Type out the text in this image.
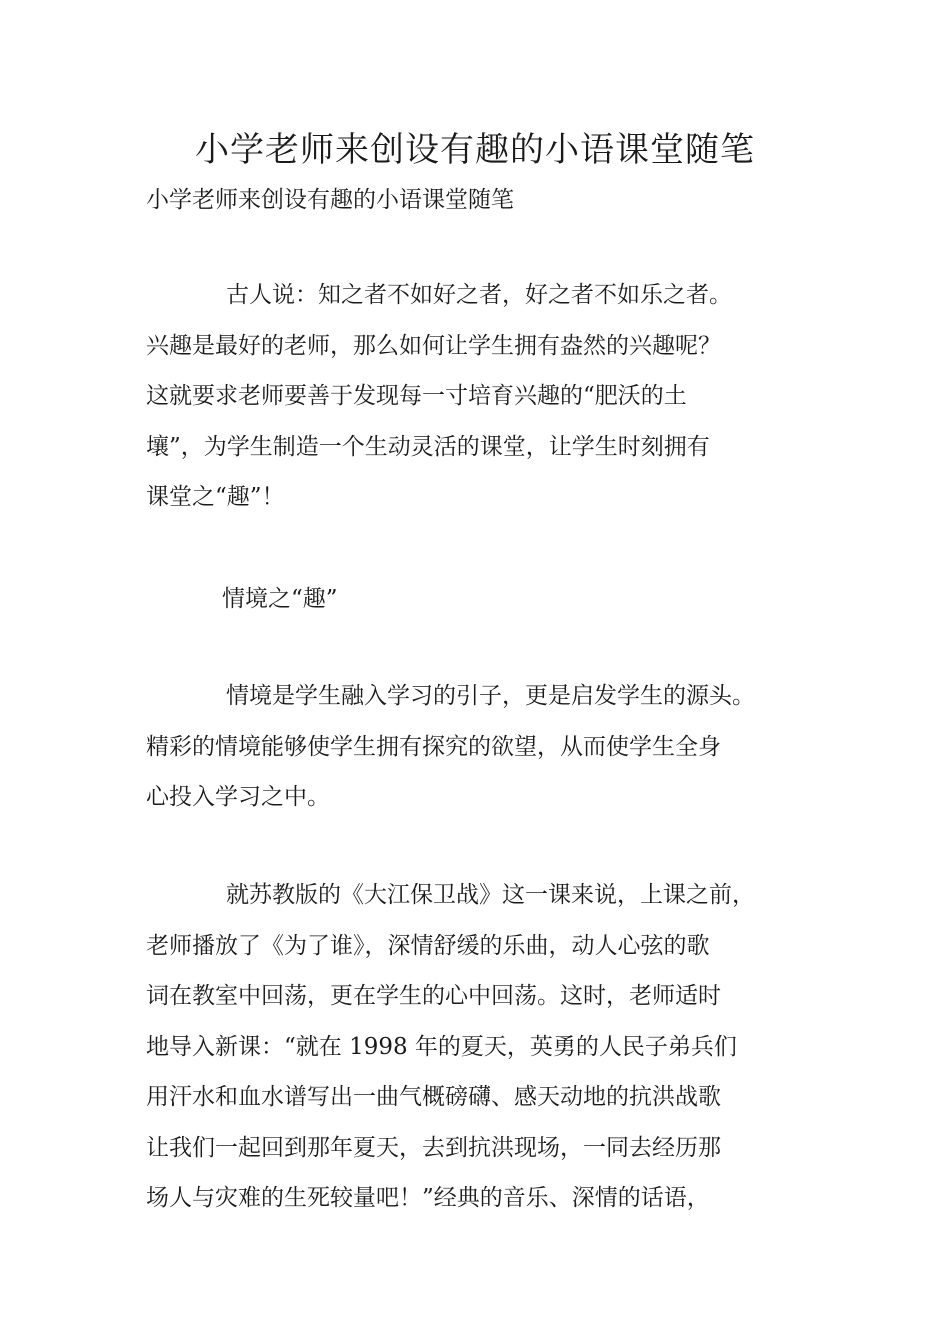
小学老师来创设有趣的小语课堂随笔

小学老师来创设有趣的小语课堂随笔

古人说：知之者不如好之者，好之者不如乐之者。
兴趣是最好的老师，那么如何让学生拥有盎然的兴趣呢？
这就要求老师要善于发现每一寸培育兴趣的“肥沃的土
壤”，为学生制造一个生动灵活的课堂，让学生时刻拥有
课堂之“趣”！
情境之“趣”
情境是学生融入学习的引子，更是启发学生的源头。
精彩的情境能够使学生拥有探究的欲望，从而使学生全身
心投入学习之中。
就苏教版的《大江保卫战》这一课来说，上课之前，
老师播放了《为了谁》，深情舒缓的乐曲，动人心弦的歌
词在教室中回荡，更在学生的心中回荡。这时，老师适时
地导入新课：“就在 1998 年的夏天，英勇的人民子弟兵们
用汗水和血水谱写出一曲气概磅礴、感天动地的抗洪战歌
让我们一起回到那年夏天，去到抗洪现场，一同去经历那
场人与灾难的生死较量吧！”经典的音乐、深情的话语，
